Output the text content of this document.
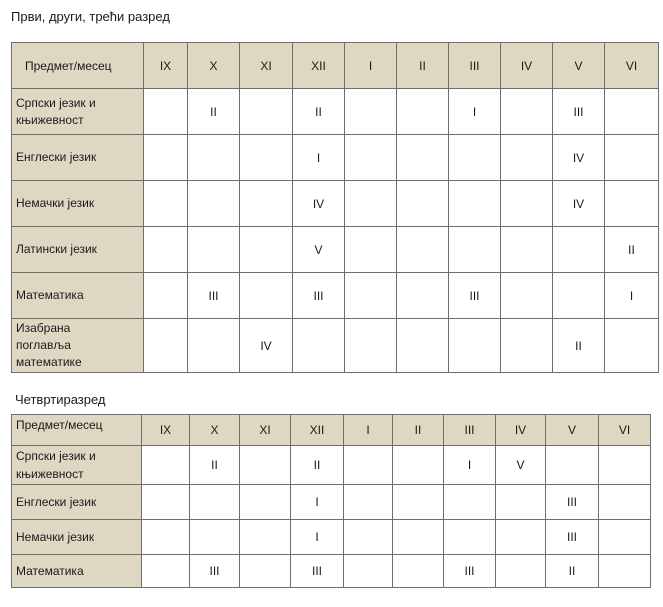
Први, други, трећи разред
Предмет/месец	IX	X	XI	XII	I	II	III	IV	V	VI
Српски језик и
књижевност		II		II			I		III	
Енглески језик				I					IV	
Немачки језик				IV					IV	
Латински језик				V						II
Математика		III		III			III			I
Изабрана
поглавља
математике			IV						II	
Четвртиразред
Предмет/месец	IX	X	XI	XII	I	II	III	IV	V	VI
Српски језик и
књижевност		II		II			I	V		
Енглески језик				I					III	
Немачки језик				I					III	
Математика		III		III			III		II	
